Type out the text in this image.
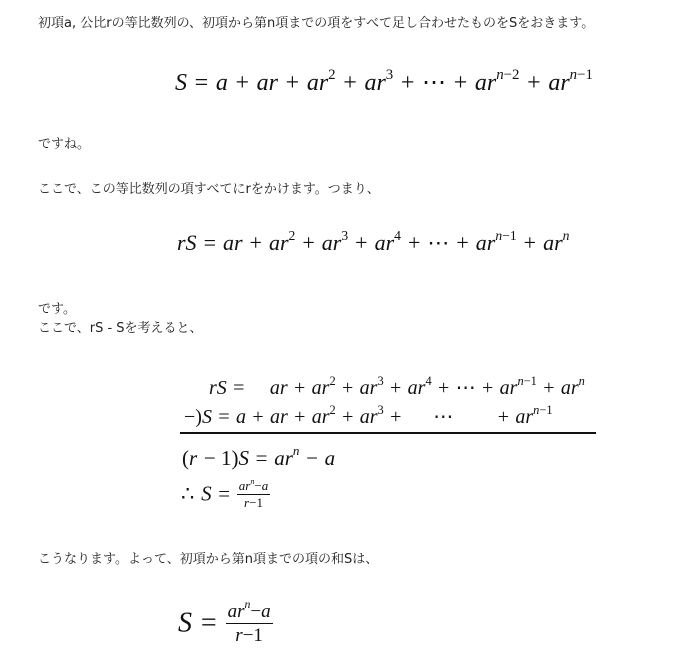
初項a, 公比rの等比数列の、初項から第n項までの項をすべて足し合わせたものをSをおきます。
S = a + ar + $ar^2 + ar^3$ + ⋯ + $ar^{n-2} + ar^{n-1}$
ですね。
ここで、この等比数列の項すべてにrをかけます。つまり、
rS = ar + $ar^2 + ar^3 + ar^4$ + ⋯ + $ar^{n-1} + ar^n$
です。
ここで、rS - Sを考えると、
rS = ar + $ar^2 + ar^3 + ar^4$ + ⋯ + $ar^{n-1} + ar^n$
−)S = a + ar + $ar^2 + ar^3$ + ⋯ + $ar^{n-1}$
$(r - 1)S = ar^n - a$
∴ $S = \frac{ar^n-a}{r-1}$
こうなります。よって、初項から第n項までの項の和Sは、
$S = \frac{ar^n-a}{r-1}$
